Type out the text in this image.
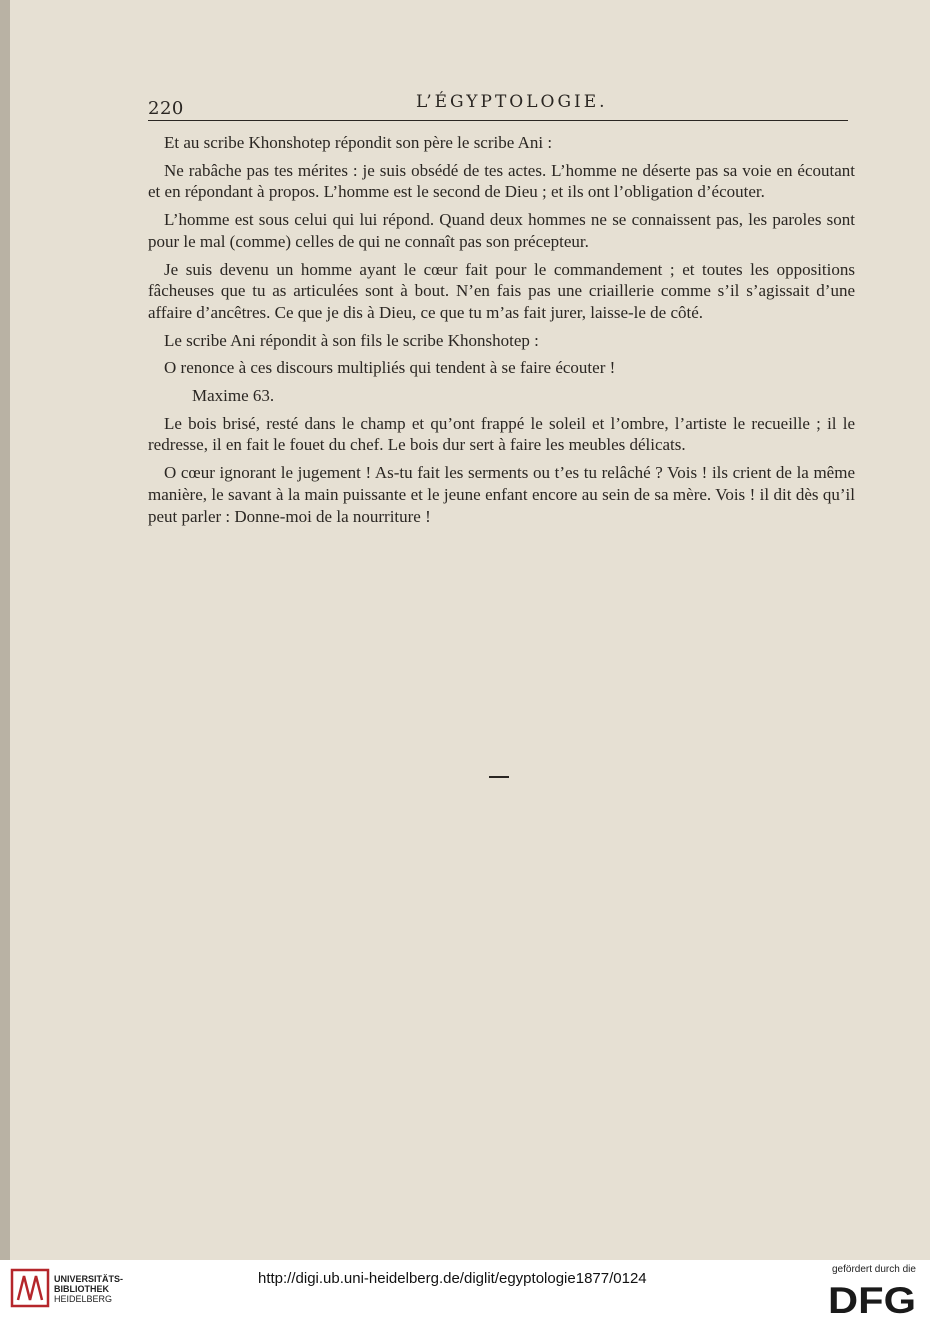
220	L’ÉGYPTOLOGIE.

Et au scribe Khonshotep répondit son père le scribe Ani :

Ne rabâche pas tes mérites : je suis obsédé de tes actes. L’homme ne déserte pas sa voie en écoutant et en répondant à propos. L’homme est le second de Dieu ; et ils ont l’obligation d’écouter.

L’homme est sous celui qui lui répond. Quand deux hommes ne se connaissent pas, les paroles sont pour le mal (comme) celles de qui ne connaît pas son précepteur.

Je suis devenu un homme ayant le cœur fait pour le commandement ; et toutes les oppositions fâcheuses que tu as articulées sont à bout. N’en fais pas une criaillerie comme s’il s’agissait d’une affaire d’ancêtres. Ce que je dis à Dieu, ce que tu m’as fait jurer, laisse-le de côté.

Le scribe Ani répondit à son fils le scribe Khonshotep :

O renonce à ces discours multipliés qui tendent à se faire écouter !

Maxime 63.

Le bois brisé, resté dans le champ et qu’ont frappé le soleil et l’ombre, l’artiste le recueille ; il le redresse, il en fait le fouet du chef. Le bois dur sert à faire les meubles délicats.

O cœur ignorant le jugement ! As-tu fait les serments ou t’es tu relâché ? Vois ! ils crient de la même manière, le savant à la main puissante et le jeune enfant encore au sein de sa mère. Vois ! il dit dès qu’il peut parler : Donne-moi de la nourriture !

UNIVERSITÄTS-
BIBLIOTHEK
HEIDELBERG
http://digi.ub.uni-heidelberg.de/diglit/egyptologie1877/0124
gefördert durch die
DFG
